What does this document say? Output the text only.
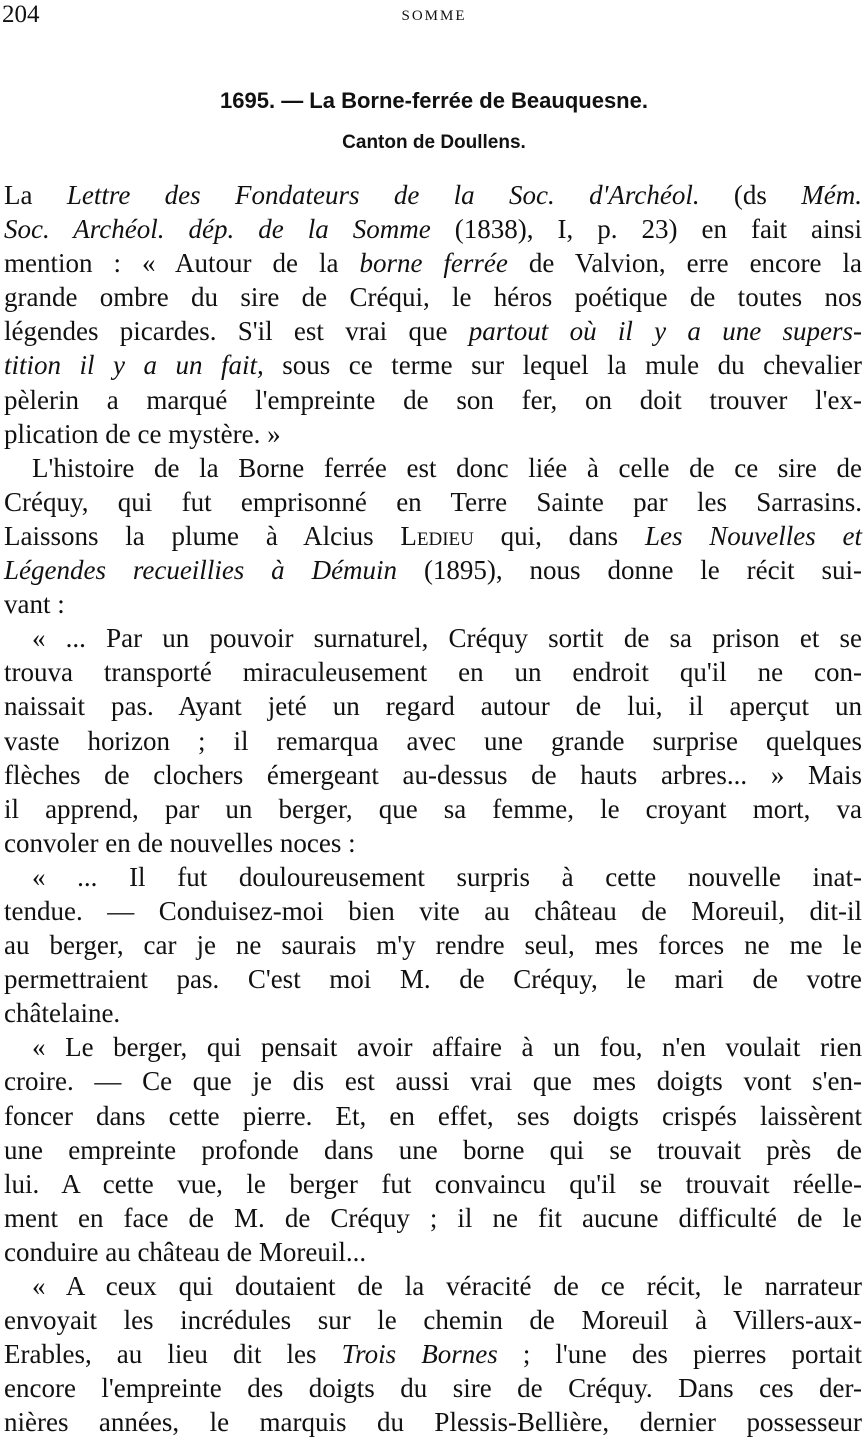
204	SOMME
1695. — La Borne-ferrée de Beauquesne.
Canton de Doullens.
La Lettre des Fondateurs de la Soc. d'Archéol. (ds Mém.
Soc. Archéol. dép. de la Somme (1838), I, p. 23) en fait ainsi
mention : « Autour de la borne ferrée de Valvion, erre encore la
grande ombre du sire de Créqui, le héros poétique de toutes nos
légendes picardes. S'il est vrai que partout où il y a une supers-
tition il y a un fait, sous ce terme sur lequel la mule du chevalier
pèlerin a marqué l'empreinte de son fer, on doit trouver l'ex-
plication de ce mystère. »
L'histoire de la Borne ferrée est donc liée à celle de ce sire de
Créquy, qui fut emprisonné en Terre Sainte par les Sarrasins.
Laissons la plume à Alcius Ledieu qui, dans Les Nouvelles et
Légendes recueillies à Démuin (1895), nous donne le récit sui-
vant :
« ... Par un pouvoir surnaturel, Créquy sortit de sa prison et se
trouva transporté miraculeusement en un endroit qu'il ne con-
naissait pas. Ayant jeté un regard autour de lui, il aperçut un
vaste horizon ; il remarqua avec une grande surprise quelques
flèches de clochers émergeant au-dessus de hauts arbres... » Mais
il apprend, par un berger, que sa femme, le croyant mort, va
convoler en de nouvelles noces :
« ... Il fut douloureusement surpris à cette nouvelle inat-
tendue. — Conduisez-moi bien vite au château de Moreuil, dit-il
au berger, car je ne saurais m'y rendre seul, mes forces ne me le
permettraient pas. C'est moi M. de Créquy, le mari de votre
châtelaine.
« Le berger, qui pensait avoir affaire à un fou, n'en voulait rien
croire. — Ce que je dis est aussi vrai que mes doigts vont s'en-
foncer dans cette pierre. Et, en effet, ses doigts crispés laissèrent
une empreinte profonde dans une borne qui se trouvait près de
lui. A cette vue, le berger fut convaincu qu'il se trouvait réelle-
ment en face de M. de Créquy ; il ne fit aucune difficulté de le
conduire au château de Moreuil...
« A ceux qui doutaient de la véracité de ce récit, le narrateur
envoyait les incrédules sur le chemin de Moreuil à Villers-aux-
Erables, au lieu dit les Trois Bornes ; l'une des pierres portait
encore l'empreinte des doigts du sire de Créquy. Dans ces der-
nières années, le marquis du Plessis-Bellière, dernier possesseur
